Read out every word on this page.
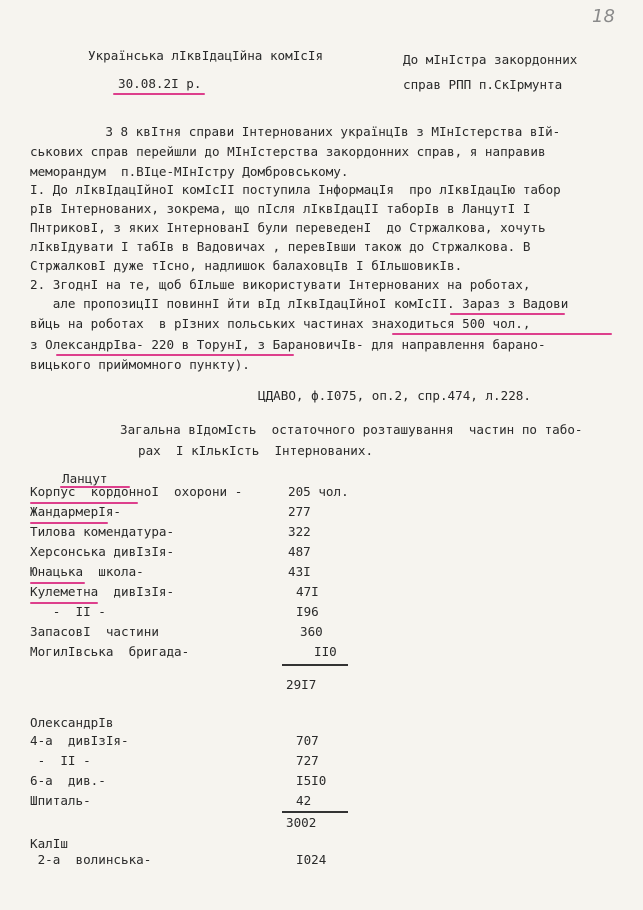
18
Українська лІквІдацІйна комІсІя
30.08.2І р.
До мІнІстра закордонних
справ РПП п.СкІрмунта
З 8 квІтня справи Інтернованих українцІв з МІнІстерства вІй-
ськових справ перейшли до МІнІстерства закордонних справ, я направив
меморандум  п.ВІце-МІнІстру Домбровському.
І. До лІквІдацІйноІ комІсІІ поступила ІнформацІя  про лІквІдацІю табор
рІв Інтернованих, зокрема, що пІсля лІквІдацІІ таборІв в ЛанцутІ І
ПнтриковІ, з яких ІнтернованІ були переведенІ  до Стржалкова, хочуть
лІквІдувати І табІв в Вадовичах , перевІвши також до Стржалкова. В
СтржалковІ дуже тІсно, надлишок балаховцІв І бІльшовикІв.
2. ЗгоднІ на те, щоб бІльше використувати Інтернованих на роботах,
але пропозицІІ повиннІ йти вІд лІквІдацІйноІ комІсІІ. Зараз з Вадови
вйць на роботах  в рІзних польських частинах знаходиться 500 чол.,
з ОлександрІва- 220 в ТорунІ, з БарановичІв- для направлення барано-
вицького приймомного пункту).
ЦДАВО, ф.І075, оп.2, спр.474, л.228.
Загальна вІдомІсть  остаточного розташування  частин по табо-
рах  І кІлькІсть  Інтернованих.
Ланцут
Корпус  кордонноІ  охорони -	205 чол.
ЖандармерІя-	277
Тилова комендатура-	322
Херсонська дивІзІя-	487
Юнацька  школа-	43І
Кулеметна  дивІзІя-	47І
-  ІІ -	І96
ЗапасовІ  частини	360
МогилІвська  бригада-	ІІ0
29І7
ОлександрІв
4-а  дивІзІя-	707
-  ІІ -	727
6-а  див.-	І5І0
Шпиталь-	42
3002
КалІш
2-а  волинська-	І024
